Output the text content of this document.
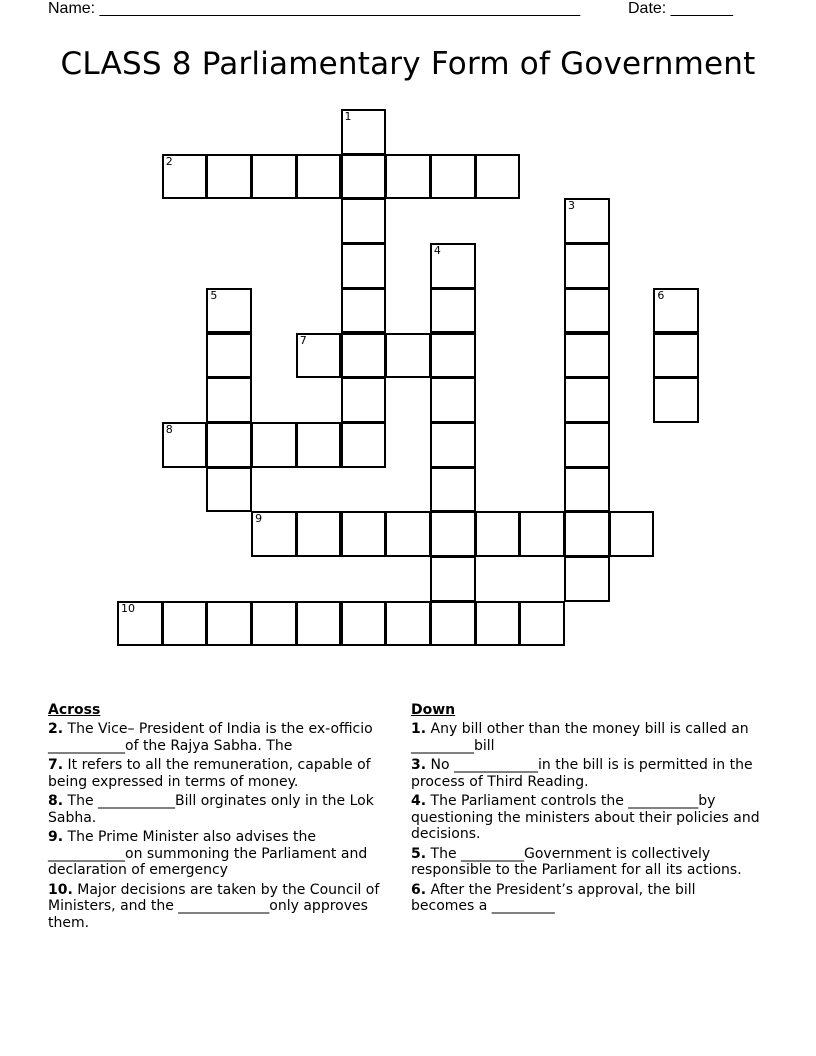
Name: ______________________________________________________	Date: _______
CLASS 8 Parliamentary Form of Government
1
2
3
4
5	6
7
8
9
10
Across
2. The Vice– President of India is the ex-officio ___________of the Rajya Sabha. The
7. It refers to all the remuneration, capable of being expressed in terms of money.
8. The ___________Bill orginates only in the Lok Sabha.
9. The Prime Minister also advises the ___________on summoning the Parliament and declaration of emergency
10. Major decisions are taken by the Council of Ministers, and the _____________only approves them.
Down
1. Any bill other than the money bill is called an _________bill
3. No ____________in the bill is is permitted in the process of Third Reading.
4. The Parliament controls the __________by questioning the ministers about their policies and decisions.
5. The _________Government is collectively responsible to the Parliament for all its actions.
6. After the President’s approval, the bill becomes a _________
